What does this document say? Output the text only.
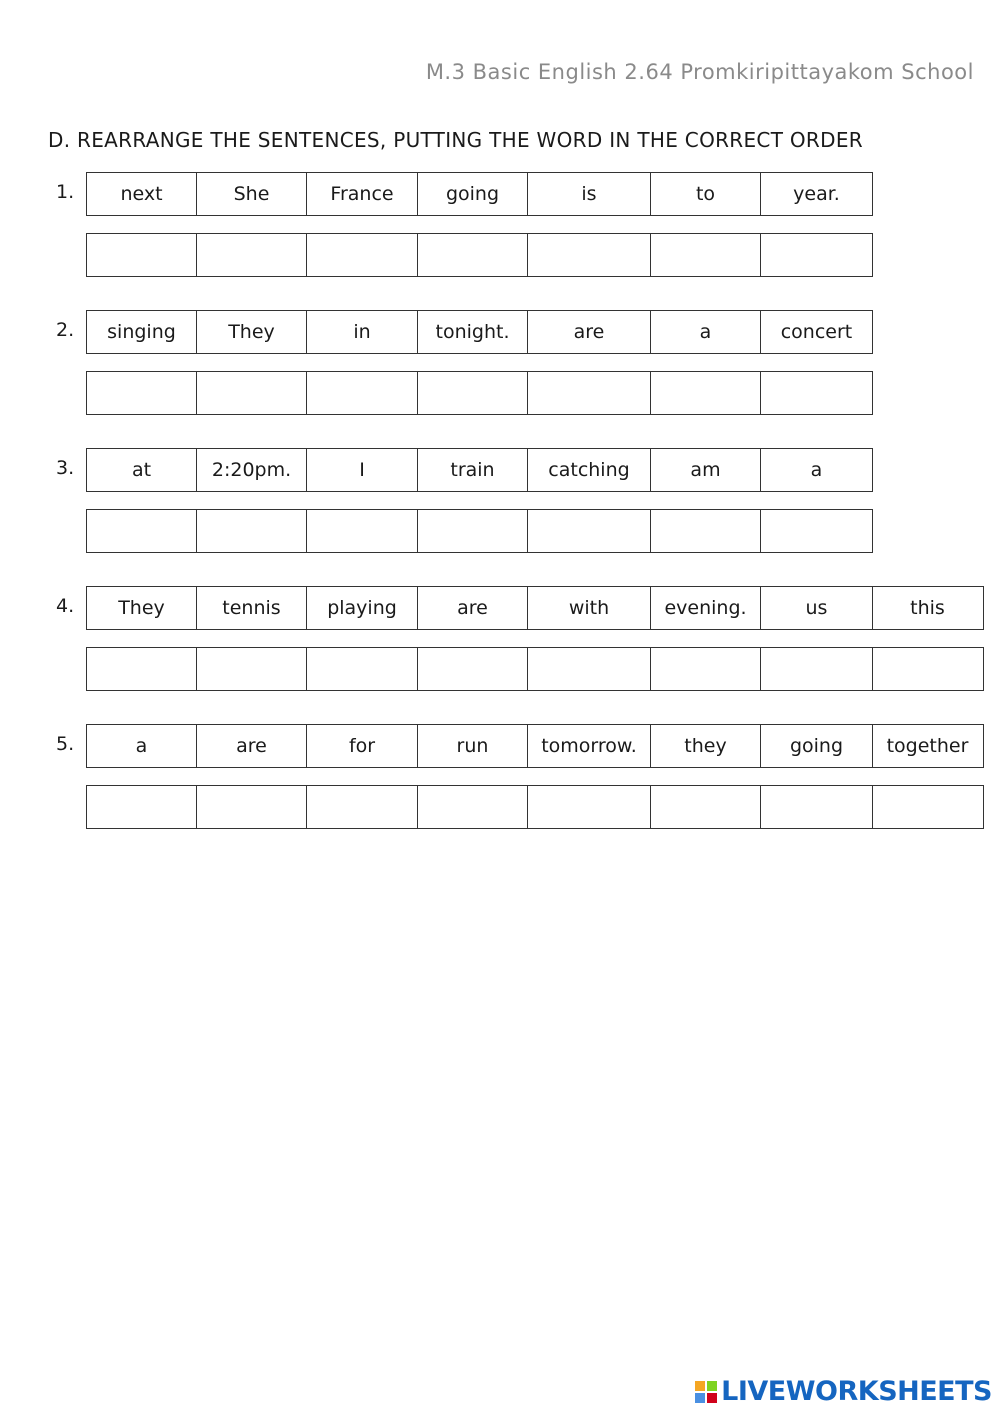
M.3 Basic English 2.64 Promkiripittayakom School
D. REARRANGE THE SENTENCES, PUTTING THE WORD IN THE CORRECT ORDER
1.	next	She	France	going	is	to	year.
2.	singing	They	in	tonight.	are	a	concert
3.	at	2:20pm.	I	train	catching	am	a
4.	They	tennis	playing	are	with	evening.	us	this
5.	a	are	for	run	tomorrow.	they	going	together
LIVEWORKSHEETS
